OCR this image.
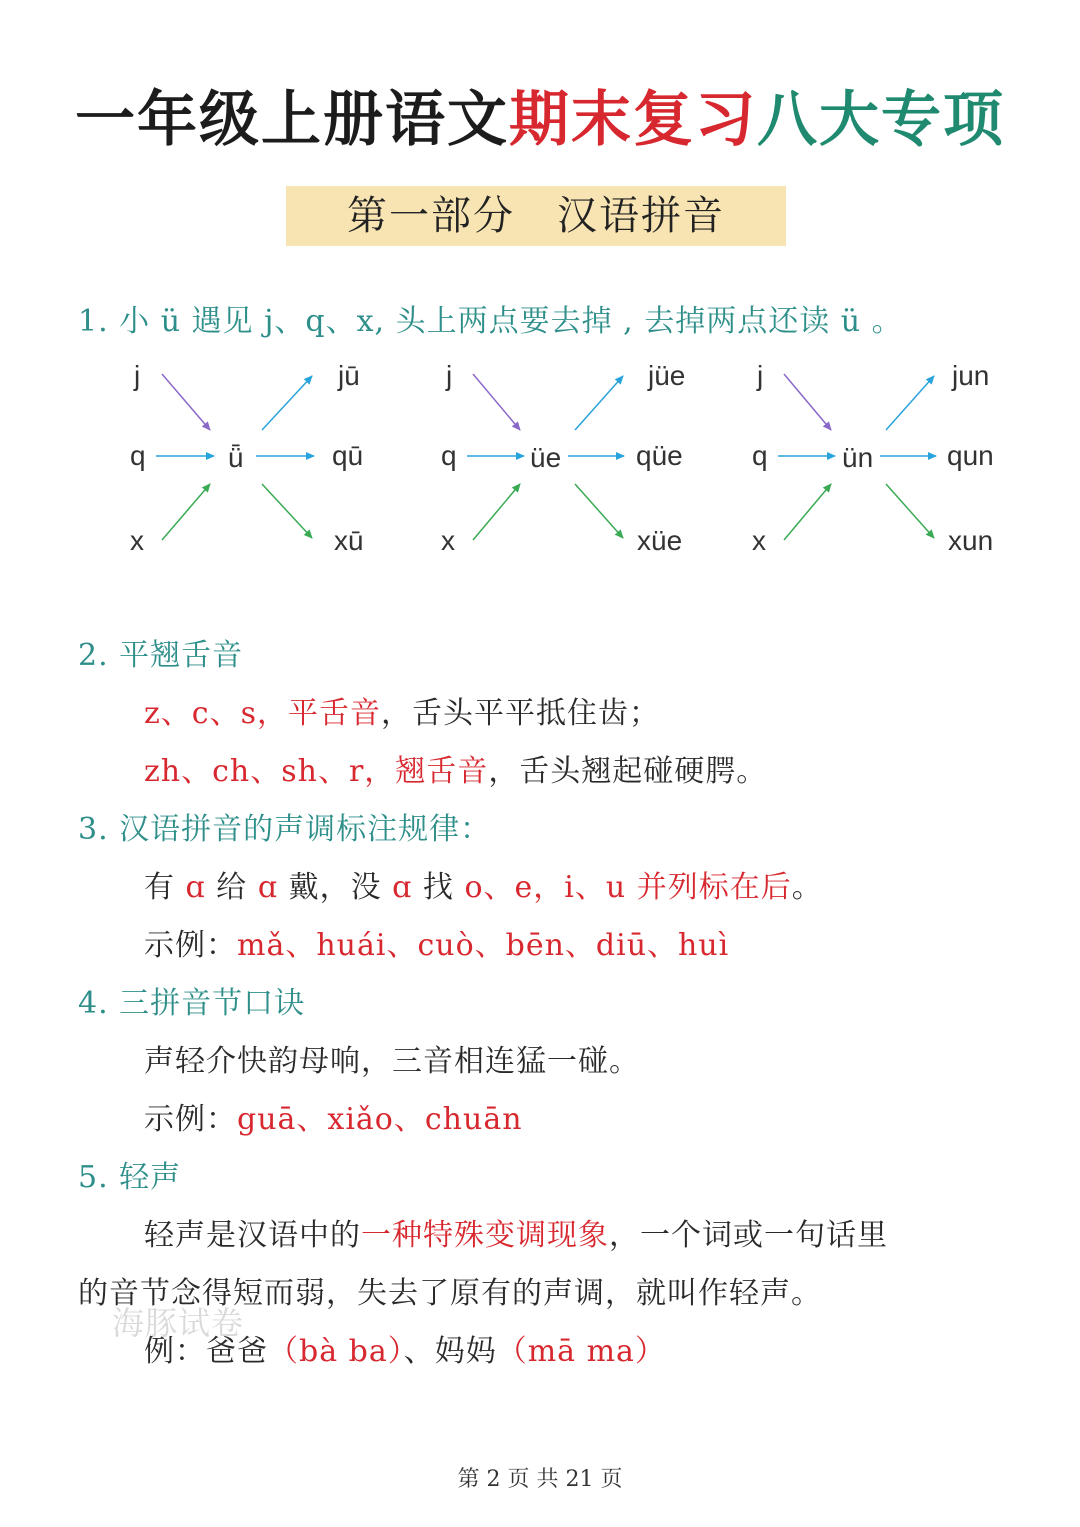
一年级上册语文期末复习八大专项
第一部分　汉语拼音
1. 小 ü 遇见 j、q、x, 头上两点要去掉 , 去掉两点还读 ü 。
j
q
x
ǖ
jū
qū
xū
j
q
x
üe
jüe
qüe
xüe
j
q
x
ün
jun
qun
xun
2. 平翘舌音
z、c、s，平舌音，舌头平平抵住齿；
zh、ch、sh、r，翘舌音，舌头翘起碰硬腭。
3. 汉语拼音的声调标注规律：
有 ɑ 给 ɑ 戴，没 ɑ 找 o、e，i、u 并列标在后。
示例：mǎ、huái、cuò、bēn、diū、huì
4. 三拼音节口诀
声轻介快韵母响，三音相连猛一碰。
示例：guā、xiǎo、chuān
5. 轻声
轻声是汉语中的一种特殊变调现象，一个词或一句话里
的音节念得短而弱，失去了原有的声调，就叫作轻声。
例：爸爸（bà ba）、妈妈（mā ma）
海豚试卷
第 2 页 共 21 页
